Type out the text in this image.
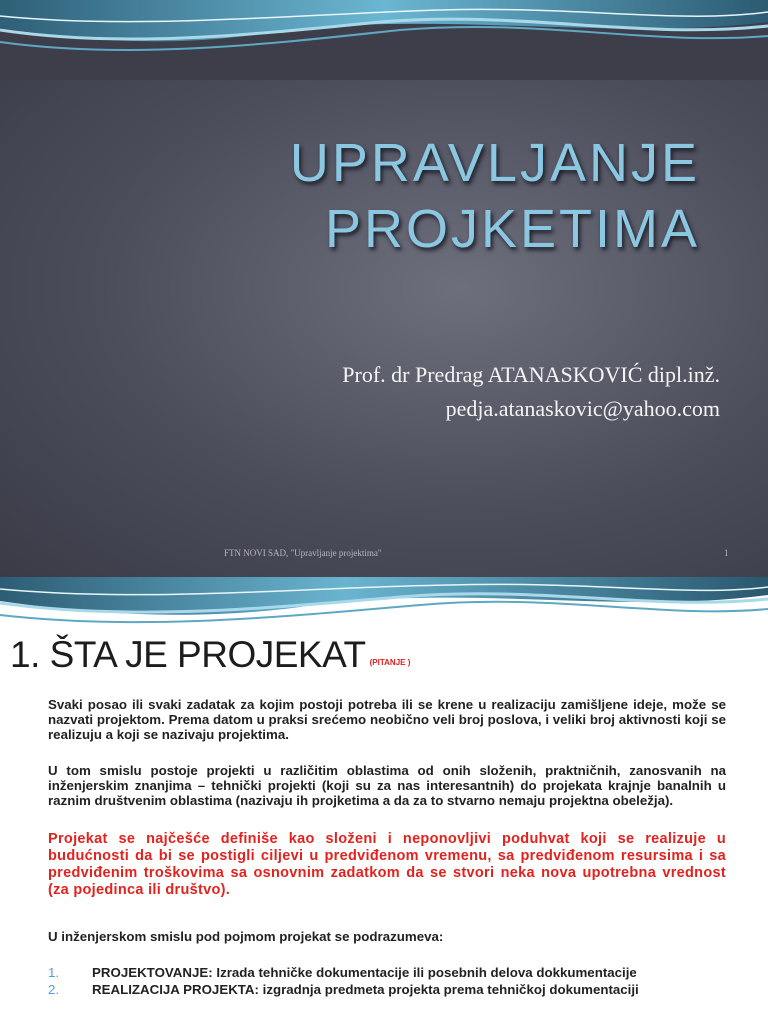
UPRAVLJANJE
PROJKETIMA
Prof. dr Predrag ATANASKOVIĆ dipl.inž.
pedja.atanaskovic@yahoo.com
FTN NOVI SAD, "Upravljanje projektima"	1
1. ŠTA JE PROJEKAT (PITANJE )

Svaki posao ili svaki zadatak za kojim postoji potreba ili se krene u realizaciju zamišljene ideje, može se nazvati projektom. Prema datom u praksi srećemo neobično veli broj poslova, i veliki broj aktivnosti koji se realizuju a koji se nazivaju projektima.

U tom smislu postoje projekti u različitim oblastima od onih složenih, praktničnih, zanosvanih na inženjerskim znanjima – tehnički projekti (koji su za nas interesantnih) do projekata krajnje banalnih u raznim društvenim oblastima (nazivaju ih projketima a da za to stvarno nemaju projektna obeležja).

Projekat se najčešće definiše kao složeni i neponovljivi poduhvat koji se realizuje u budućnosti da bi se postigli ciljevi u predviđenom vremenu, sa predviđenom resursima i sa predviđenim troškovima sa osnovnim zadatkom da se stvori neka nova upotrebna vrednost (za pojedinca ili društvo).

U inženjerskom smislu pod pojmom projekat se podrazumeva:

1. PROJEKTOVANJE: Izrada tehničke dokumentacije ili posebnih delova dokkumentacije
2. REALIZACIJA PROJEKTA: izgradnja predmeta projekta prema tehničkoj dokumentaciji
